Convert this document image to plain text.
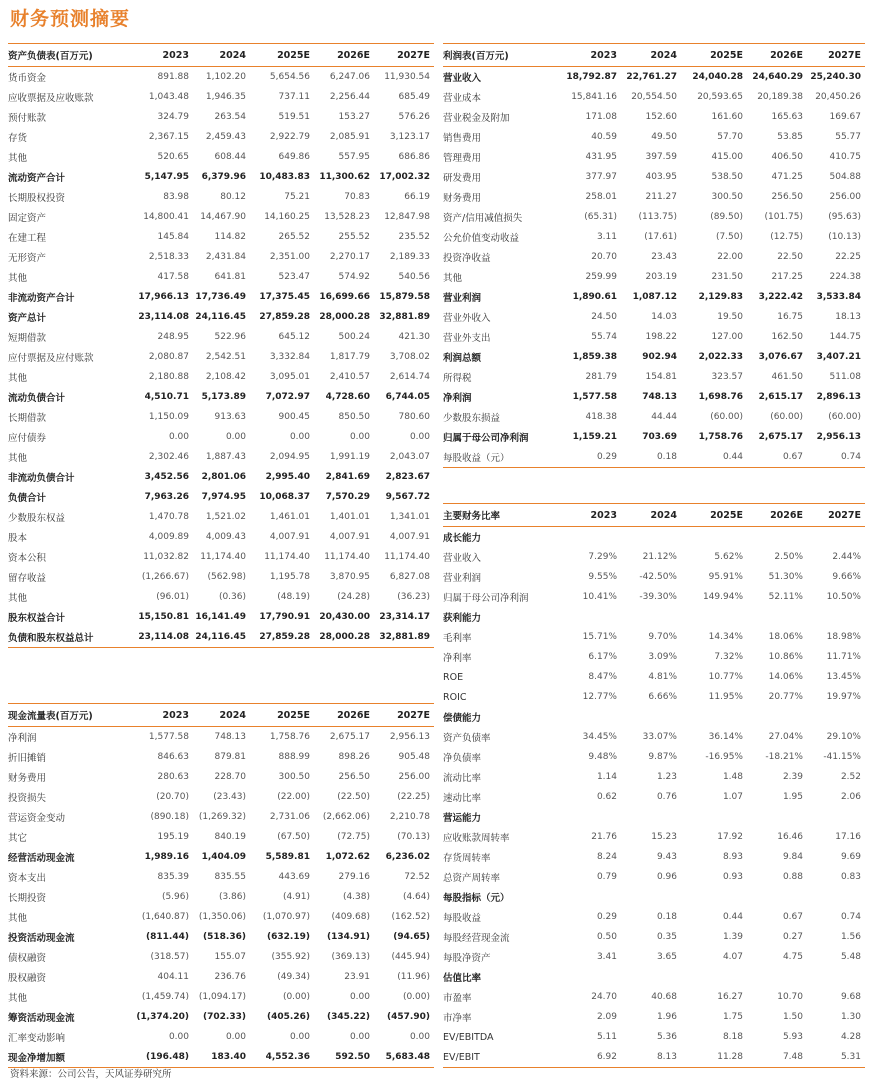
财务预测摘要
资产负债表(百万元)	2023	2024	2025E	2026E	2027E
货币资金	891.88	1,102.20	5,654.56	6,247.06	11,930.54
应收票据及应收账款	1,043.48	1,946.35	737.11	2,256.44	685.49
预付账款	324.79	263.54	519.51	153.27	576.26
存货	2,367.15	2,459.43	2,922.79	2,085.91	3,123.17
其他	520.65	608.44	649.86	557.95	686.86
流动资产合计	5,147.95	6,379.96	10,483.83	11,300.62	17,002.32
长期股权投资	83.98	80.12	75.21	70.83	66.19
固定资产	14,800.41	14,467.90	14,160.25	13,528.23	12,847.98
在建工程	145.84	114.82	265.52	255.52	235.52
无形资产	2,518.33	2,431.84	2,351.00	2,270.17	2,189.33
其他	417.58	641.81	523.47	574.92	540.56
非流动资产合计	17,966.13	17,736.49	17,375.45	16,699.66	15,879.58
资产总计	23,114.08	24,116.45	27,859.28	28,000.28	32,881.89
短期借款	248.95	522.96	645.12	500.24	421.30
应付票据及应付账款	2,080.87	2,542.51	3,332.84	1,817.79	3,708.02
其他	2,180.88	2,108.42	3,095.01	2,410.57	2,614.74
流动负债合计	4,510.71	5,173.89	7,072.97	4,728.60	6,744.05
长期借款	1,150.09	913.63	900.45	850.50	780.60
应付债券	0.00	0.00	0.00	0.00	0.00
其他	2,302.46	1,887.43	2,094.95	1,991.19	2,043.07
非流动负债合计	3,452.56	2,801.06	2,995.40	2,841.69	2,823.67
负债合计	7,963.26	7,974.95	10,068.37	7,570.29	9,567.72
少数股东权益	1,470.78	1,521.02	1,461.01	1,401.01	1,341.01
股本	4,009.89	4,009.43	4,007.91	4,007.91	4,007.91
资本公积	11,032.82	11,174.40	11,174.40	11,174.40	11,174.40
留存收益	(1,266.67)	(562.98)	1,195.78	3,870.95	6,827.08
其他	(96.01)	(0.36)	(48.19)	(24.28)	(36.23)
股东权益合计	15,150.81	16,141.49	17,790.91	20,430.00	23,314.17
负债和股东权益总计	23,114.08	24,116.45	27,859.28	28,000.28	32,881.89
利润表(百万元)	2023	2024	2025E	2026E	2027E
营业收入	18,792.87	22,761.27	24,040.28	24,640.29	25,240.30
营业成本	15,841.16	20,554.50	20,593.65	20,189.38	20,450.26
营业税金及附加	171.08	152.60	161.60	165.63	169.67
销售费用	40.59	49.50	57.70	53.85	55.77
管理费用	431.95	397.59	415.00	406.50	410.75
研发费用	377.97	403.95	538.50	471.25	504.88
财务费用	258.01	211.27	300.50	256.50	256.00
资产/信用减值损失	(65.31)	(113.75)	(89.50)	(101.75)	(95.63)
公允价值变动收益	3.11	(17.61)	(7.50)	(12.75)	(10.13)
投资净收益	20.70	23.43	22.00	22.50	22.25
其他	259.99	203.19	231.50	217.25	224.38
营业利润	1,890.61	1,087.12	2,129.83	3,222.42	3,533.84
营业外收入	24.50	14.03	19.50	16.75	18.13
营业外支出	55.74	198.22	127.00	162.50	144.75
利润总额	1,859.38	902.94	2,022.33	3,076.67	3,407.21
所得税	281.79	154.81	323.57	461.50	511.08
净利润	1,577.58	748.13	1,698.76	2,615.17	2,896.13
少数股东损益	418.38	44.44	(60.00)	(60.00)	(60.00)
归属于母公司净利润	1,159.21	703.69	1,758.76	2,675.17	2,956.13
每股收益（元）	0.29	0.18	0.44	0.67	0.74
现金流量表(百万元)	2023	2024	2025E	2026E	2027E
净利润	1,577.58	748.13	1,758.76	2,675.17	2,956.13
折旧摊销	846.63	879.81	888.99	898.26	905.48
财务费用	280.63	228.70	300.50	256.50	256.00
投资损失	(20.70)	(23.43)	(22.00)	(22.50)	(22.25)
营运资金变动	(890.18)	(1,269.32)	2,731.06	(2,662.06)	2,210.78
其它	195.19	840.19	(67.50)	(72.75)	(70.13)
经营活动现金流	1,989.16	1,404.09	5,589.81	1,072.62	6,236.02
资本支出	835.39	835.55	443.69	279.16	72.52
长期投资	(5.96)	(3.86)	(4.91)	(4.38)	(4.64)
其他	(1,640.87)	(1,350.06)	(1,070.97)	(409.68)	(162.52)
投资活动现金流	(811.44)	(518.36)	(632.19)	(134.91)	(94.65)
债权融资	(318.57)	155.07	(355.92)	(369.13)	(445.94)
股权融资	404.11	236.76	(49.34)	23.91	(11.96)
其他	(1,459.74)	(1,094.17)	(0.00)	0.00	(0.00)
筹资活动现金流	(1,374.20)	(702.33)	(405.26)	(345.22)	(457.90)
汇率变动影响	0.00	0.00	0.00	0.00	0.00
现金净增加额	(196.48)	183.40	4,552.36	592.50	5,683.48
主要财务比率	2023	2024	2025E	2026E	2027E
成长能力					
营业收入	7.29%	21.12%	5.62%	2.50%	2.44%
营业利润	9.55%	-42.50%	95.91%	51.30%	9.66%
归属于母公司净利润	10.41%	-39.30%	149.94%	52.11%	10.50%
获利能力					
毛利率	15.71%	9.70%	14.34%	18.06%	18.98%
净利率	6.17%	3.09%	7.32%	10.86%	11.71%
ROE	8.47%	4.81%	10.77%	14.06%	13.45%
ROIC	12.77%	6.66%	11.95%	20.77%	19.97%
偿债能力					
资产负债率	34.45%	33.07%	36.14%	27.04%	29.10%
净负债率	9.48%	9.87%	-16.95%	-18.21%	-41.15%
流动比率	1.14	1.23	1.48	2.39	2.52
速动比率	0.62	0.76	1.07	1.95	2.06
营运能力					
应收账款周转率	21.76	15.23	17.92	16.46	17.16
存货周转率	8.24	9.43	8.93	9.84	9.69
总资产周转率	0.79	0.96	0.93	0.88	0.83
每股指标（元）					
每股收益	0.29	0.18	0.44	0.67	0.74
每股经营现金流	0.50	0.35	1.39	0.27	1.56
每股净资产	3.41	3.65	4.07	4.75	5.48
估值比率					
市盈率	24.70	40.68	16.27	10.70	9.68
市净率	2.09	1.96	1.75	1.50	1.30
EV/EBITDA	5.11	5.36	8.18	5.93	4.28
EV/EBIT	6.92	8.13	11.28	7.48	5.31
资料来源：公司公告，天风证券研究所
